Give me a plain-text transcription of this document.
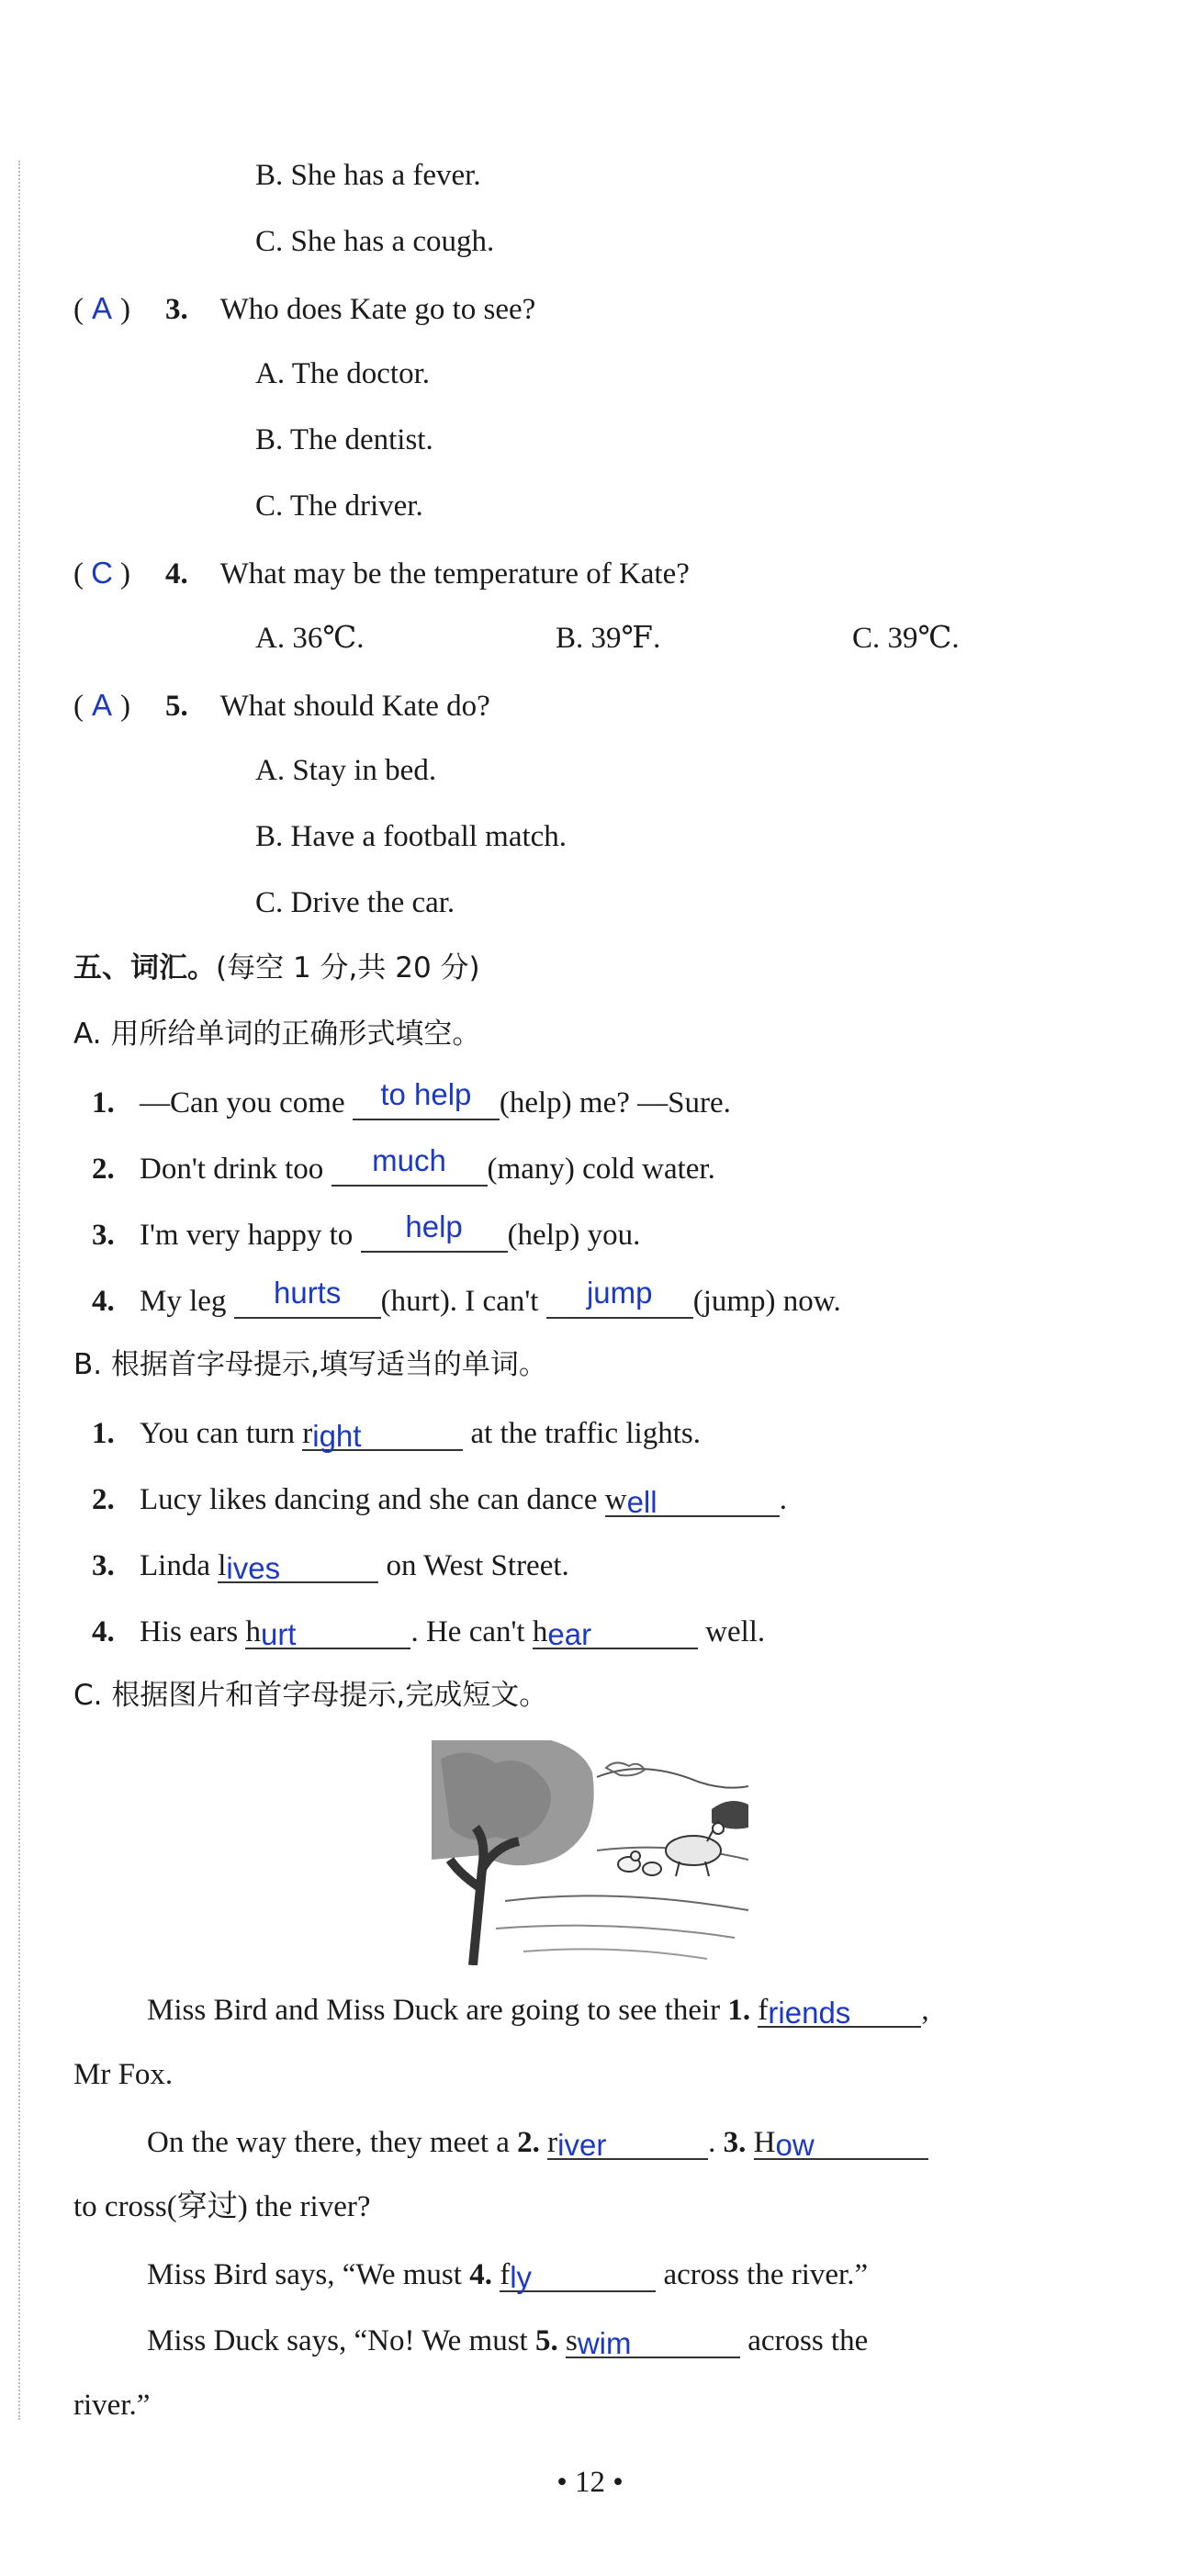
B. She has a fever.
C. She has a cough.
( A ) 3. Who does Kate go to see?
A. The doctor.
B. The dentist.
C. The driver.
( C ) 4. What may be the temperature of Kate?
A. 36℃.	B. 39℉.	C. 39℃.
( A ) 5. What should Kate do?
A. Stay in bed.
B. Have a football match.
C. Drive the car.
五、词汇。(每空 1 分,共 20 分)
A. 用所给单词的正确形式填空。
1. —Can you come to help (help) me? —Sure.
2. Don't drink too much (many) cold water.
3. I'm very happy to help (help) you.
4. My leg hurts (hurt). I can't jump (jump) now.
B. 根据首字母提示,填写适当的单词。
1. You can turn right	at the traffic lights.
2. Lucy likes dancing and she can dance well	.
3. Linda lives	on West Street.
4. His ears hurt	. He can't hear	well.
C. 根据图片和首字母提示,完成短文。
Miss Bird and Miss Duck are going to see their 1. friends ,
Mr Fox.
On the way there, they meet a 2. river	. 3. How
to cross(穿过) the river?
Miss Bird says, “We must 4. fly	across the river.”
Miss Duck says, “No! We must 5. swim	across the
river.”
• 12 •
